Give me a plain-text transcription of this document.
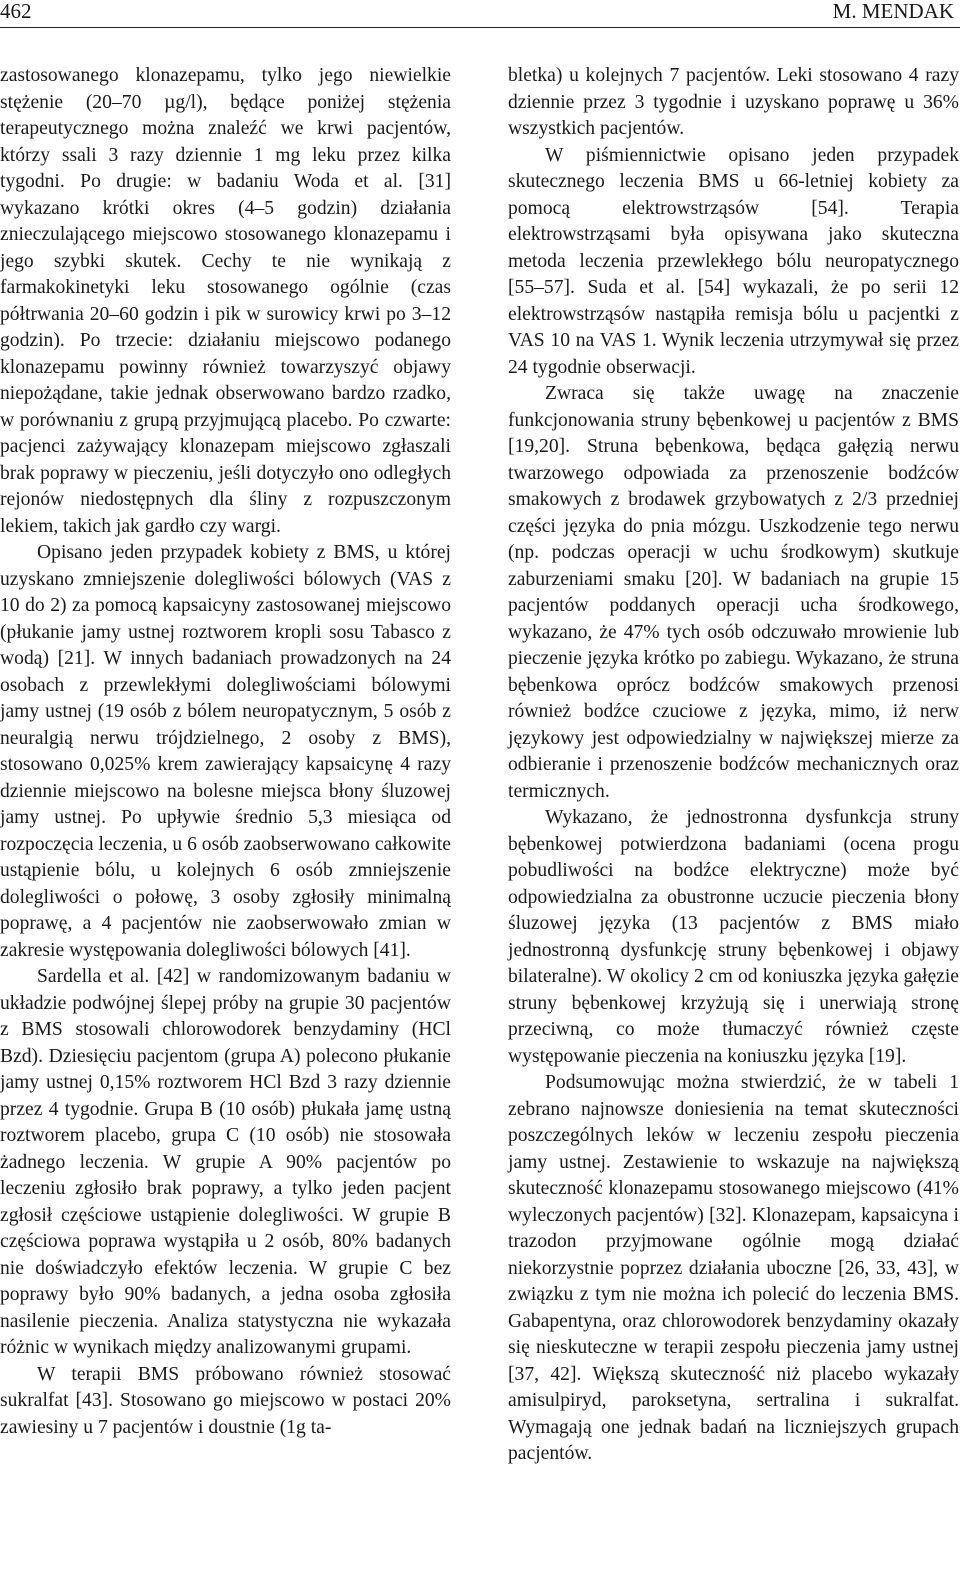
462	M. MENDAK

zastosowanego klonazepamu, tylko jego niewielkie stężenie (20–70 µg/l), będące poniżej stężenia terapeutycznego można znaleźć we krwi pacjentów, którzy ssali 3 razy dziennie 1 mg leku przez kilka tygodni. Po drugie: w badaniu Woda et al. [31] wykazano krótki okres (4–5 godzin) działania znieczulającego miejscowo stosowanego klonazepamu i jego szybki skutek. Cechy te nie wynikają z farmakokinetyki leku stosowanego ogólnie (czas półtrwania 20–60 godzin i pik w surowicy krwi po 3–12 godzin). Po trzecie: działaniu miejscowo podanego klonazepamu powinny również towarzyszyć objawy niepożądane, takie jednak obserwowano bardzo rzadko, w porównaniu z grupą przyjmującą placebo. Po czwarte: pacjenci zażywający klonazepam miejscowo zgłaszali brak poprawy w pieczeniu, jeśli dotyczyło ono odległych rejonów niedostępnych dla śliny z rozpuszczonym lekiem, takich jak gardło czy wargi.

Opisano jeden przypadek kobiety z BMS, u której uzyskano zmniejszenie dolegliwości bólowych (VAS z 10 do 2) za pomocą kapsaicyny zastosowanej miejscowo (płukanie jamy ustnej roztworem kropli sosu Tabasco z wodą) [21]. W innych badaniach prowadzonych na 24 osobach z przewlekłymi dolegliwościami bólowymi jamy ustnej (19 osób z bólem neuropatycznym, 5 osób z neuralgią nerwu trójdzielnego, 2 osoby z BMS), stosowano 0,025% krem zawierający kapsaicynę 4 razy dziennie miejscowo na bolesne miejsca błony śluzowej jamy ustnej. Po upływie średnio 5,3 miesiąca od rozpoczęcia leczenia, u 6 osób zaobserwowano całkowite ustąpienie bólu, u kolejnych 6 osób zmniejszenie dolegliwości o połowę, 3 osoby zgłosiły minimalną poprawę, a 4 pacjentów nie zaobserwowało zmian w zakresie występowania dolegliwości bólowych [41].

Sardella et al. [42] w randomizowanym badaniu w układzie podwójnej ślepej próby na grupie 30 pacjentów z BMS stosowali chlorowodorek benzydaminy (HCl Bzd). Dziesięciu pacjentom (grupa A) polecono płukanie jamy ustnej 0,15% roztworem HCl Bzd 3 razy dziennie przez 4 tygodnie. Grupa B (10 osób) płukała jamę ustną roztworem placebo, grupa C (10 osób) nie stosowała żadnego leczenia. W grupie A 90% pacjentów po leczeniu zgłosiło brak poprawy, a tylko jeden pacjent zgłosił częściowe ustąpienie dolegliwości. W grupie B częściowa poprawa wystąpiła u 2 osób, 80% badanych nie doświadczyło efektów leczenia. W grupie C bez poprawy było 90% badanych, a jedna osoba zgłosiła nasilenie pieczenia. Analiza statystyczna nie wykazała różnic w wynikach między analizowanymi grupami.

W terapii BMS próbowano również stosować sukralfat [43]. Stosowano go miejscowo w postaci 20% zawiesiny u 7 pacjentów i doustnie (1g ta-

bletka) u kolejnych 7 pacjentów. Leki stosowano 4 razy dziennie przez 3 tygodnie i uzyskano poprawę u 36% wszystkich pacjentów.

W piśmiennictwie opisano jeden przypadek skutecznego leczenia BMS u 66-letniej kobiety za pomocą elektrowstrząsów [54]. Terapia elektrowstrząsami była opisywana jako skuteczna metoda leczenia przewlekłego bólu neuropatycznego [55–57]. Suda et al. [54] wykazali, że po serii 12 elektrowstrząsów nastąpiła remisja bólu u pacjentki z VAS 10 na VAS 1. Wynik leczenia utrzymywał się przez 24 tygodnie obserwacji.

Zwraca się także uwagę na znaczenie funkcjonowania struny bębenkowej u pacjentów z BMS [19,20]. Struna bębenkowa, będąca gałęzią nerwu twarzowego odpowiada za przenoszenie bodźców smakowych z brodawek grzybowatych z 2/3 przedniej części języka do pnia mózgu. Uszkodzenie tego nerwu (np. podczas operacji w uchu środkowym) skutkuje zaburzeniami smaku [20]. W badaniach na grupie 15 pacjentów poddanych operacji ucha środkowego, wykazano, że 47% tych osób odczuwało mrowienie lub pieczenie języka krótko po zabiegu. Wykazano, że struna bębenkowa oprócz bodźców smakowych przenosi również bodźce czuciowe z języka, mimo, iż nerw językowy jest odpowiedzialny w największej mierze za odbieranie i przenoszenie bodźców mechanicznych oraz termicznych.

Wykazano, że jednostronna dysfunkcja struny bębenkowej potwierdzona badaniami (ocena progu pobudliwości na bodźce elektryczne) może być odpowiedzialna za obustronne uczucie pieczenia błony śluzowej języka (13 pacjentów z BMS miało jednostronną dysfunkcję struny bębenkowej i objawy bilateralne). W okolicy 2 cm od koniuszka języka gałęzie struny bębenkowej krzyżują się i unerwiają stronę przeciwną, co może tłumaczyć również częste występowanie pieczenia na koniuszku języka [19].

Podsumowując można stwierdzić, że w tabeli 1 zebrano najnowsze doniesienia na temat skuteczności poszczególnych leków w leczeniu zespołu pieczenia jamy ustnej. Zestawienie to wskazuje na największą skuteczność klonazepamu stosowanego miejscowo (41% wyleczonych pacjentów) [32]. Klonazepam, kapsaicyna i trazodon przyjmowane ogólnie mogą działać niekorzystnie poprzez działania uboczne [26, 33, 43], w związku z tym nie można ich polecić do leczenia BMS. Gabapentyna, oraz chlorowodorek benzydaminy okazały się nieskuteczne w terapii zespołu pieczenia jamy ustnej [37, 42]. Większą skuteczność niż placebo wykazały amisulpiryd, paroksetyna, sertralina i sukralfat. Wymagają one jednak badań na liczniejszych grupach pacjentów.
